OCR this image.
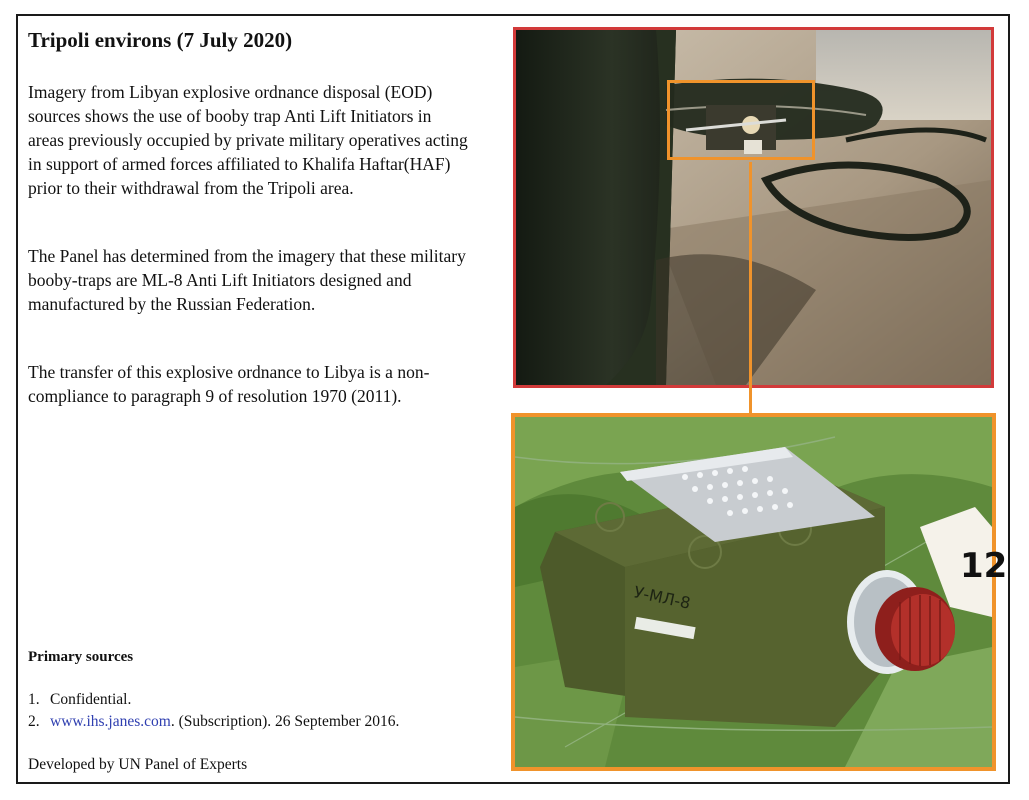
Tripoli environs (7 July 2020)

Imagery from Libyan explosive ordnance disposal (EOD) sources shows the use of booby trap Anti Lift Initiators in areas previously occupied by private military operatives acting in support of armed forces affiliated to Khalifa Haftar(HAF) prior to their withdrawal from the Tripoli area.

The Panel has determined from the imagery that these military booby-traps are ML-8 Anti Lift Initiators designed and manufactured by the Russian Federation.

The transfer of this explosive ordnance to Libya is a non-compliance to paragraph 9 of resolution 1970 (2011).

Primary sources
1. Confidential.
2. www.ihs.janes.com. (Subscription). 26 September 2016.

Developed by UN Panel of Experts

У-МЛ-8
12
